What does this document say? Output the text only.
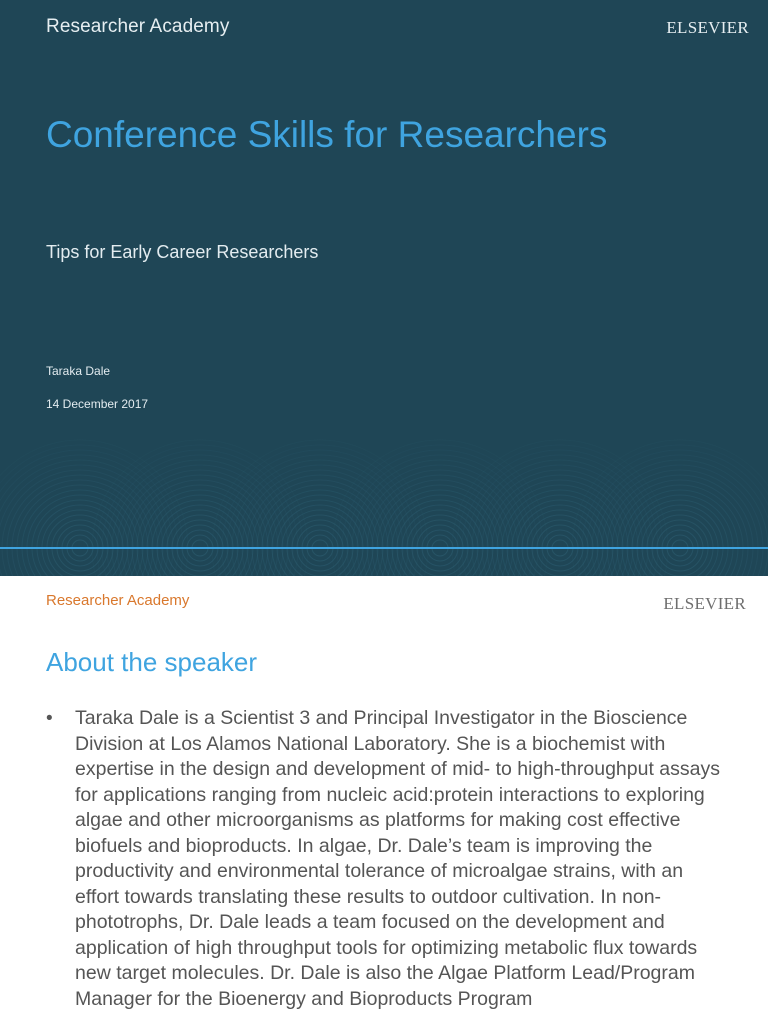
Researcher Academy	ELSEVIER
Conference Skills for Researchers
Tips for Early Career Researchers
Taraka Dale
14 December 2017
Researcher Academy	ELSEVIER
About the speaker
•	Taraka Dale is a Scientist 3 and Principal Investigator in the Bioscience Division at Los Alamos National Laboratory. She is a biochemist with expertise in the design and development of mid- to high-throughput assays for applications ranging from nucleic acid:protein interactions to exploring algae and other microorganisms as platforms for making cost effective biofuels and bioproducts. In algae, Dr. Dale’s team is improving the productivity and environmental tolerance of microalgae strains, with an effort towards translating these results to outdoor cultivation. In non-phototrophs, Dr. Dale leads a team focused on the development and application of high throughput tools for optimizing metabolic flux towards new target molecules. Dr. Dale is also the Algae Platform Lead/Program Manager for the Bioenergy and Bioproducts Program
